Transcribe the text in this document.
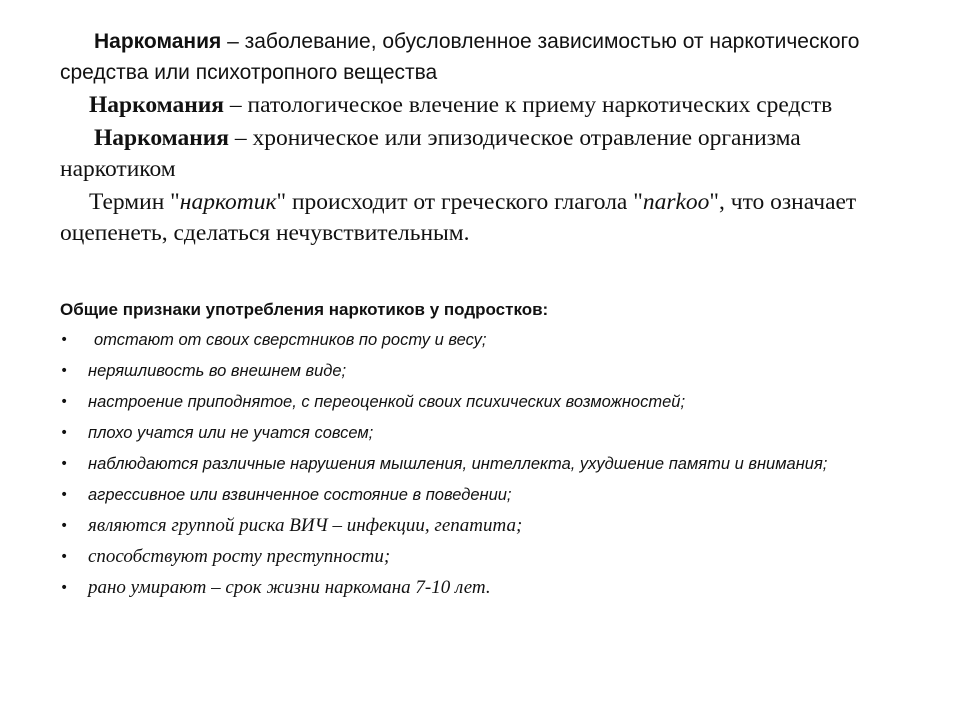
Наркомания – заболевание, обусловленное зависимостью от наркотического средства или психотропного вещества

Наркомания – патологическое влечение к приему наркотических средств

Наркомания – хроническое или эпизодическое отравление организма наркотиком

Термин "наркотик" происходит от греческого глагола "narkoo", что означает оцепенеть, сделаться нечувствительным.

Общие признаки употребления наркотиков у подростков:

•	отстают от своих сверстников по росту и весу;
• неряшливость во внешнем виде;
• настроение приподнятое, с переоценкой своих психических возможностей;
• плохо учатся или не учатся совсем;
• наблюдаются различные нарушения мышления, интеллекта, ухудшение памяти и внимания;
• агрессивное или взвинченное состояние в поведении;
• являются группой риска ВИЧ – инфекции, гепатита;
• способствуют росту преступности;
• рано умирают – срок жизни наркомана 7-10 лет.
